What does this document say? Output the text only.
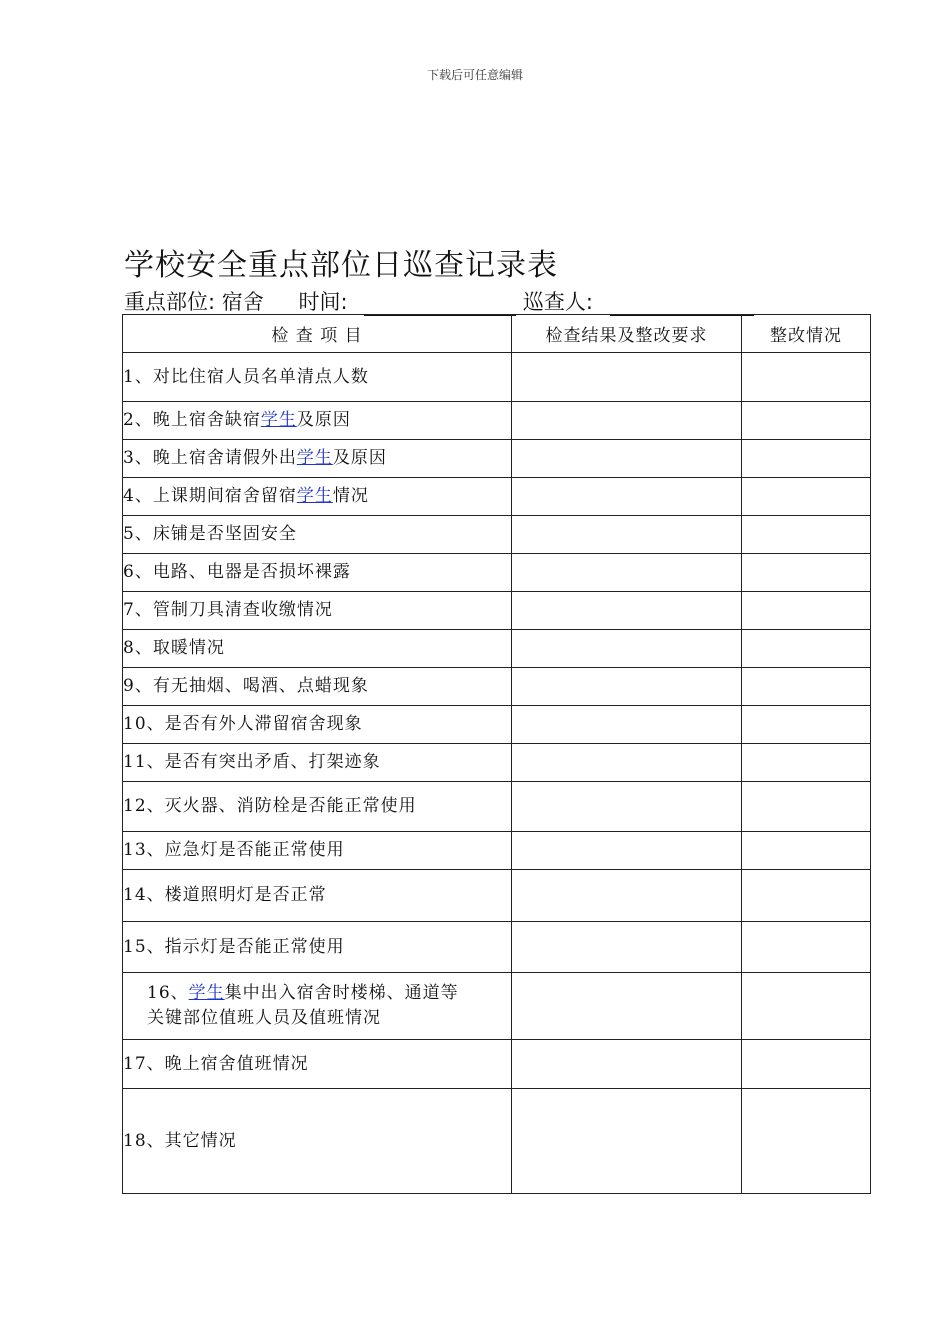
下载后可任意编辑
学校安全重点部位日巡查记录表
重点部位: 宿舍 时间:	巡查人:
检 查 项 目	检查结果及整改要求	整改情况
1、对比住宿人员名单清点人数		
2、晚上宿舍缺宿学生及原因		
3、晚上宿舍请假外出学生及原因		
4、上课期间宿舍留宿学生情况		
5、床铺是否坚固安全		
6、电路、电器是否损坏裸露		
7、管制刀具清查收缴情况		
8、取暖情况		
9、有无抽烟、喝酒、点蜡现象		
10、是否有外人滞留宿舍现象		
11、是否有突出矛盾、打架迹象		
12、灭火器、消防栓是否能正常使用		
13、应急灯是否能正常使用		
14、楼道照明灯是否正常		
15、指示灯是否能正常使用		
16、学生集中出入宿舍时楼梯、通道等
关键部位值班人员及值班情况		
17、晚上宿舍值班情况		
18、其它情况		
